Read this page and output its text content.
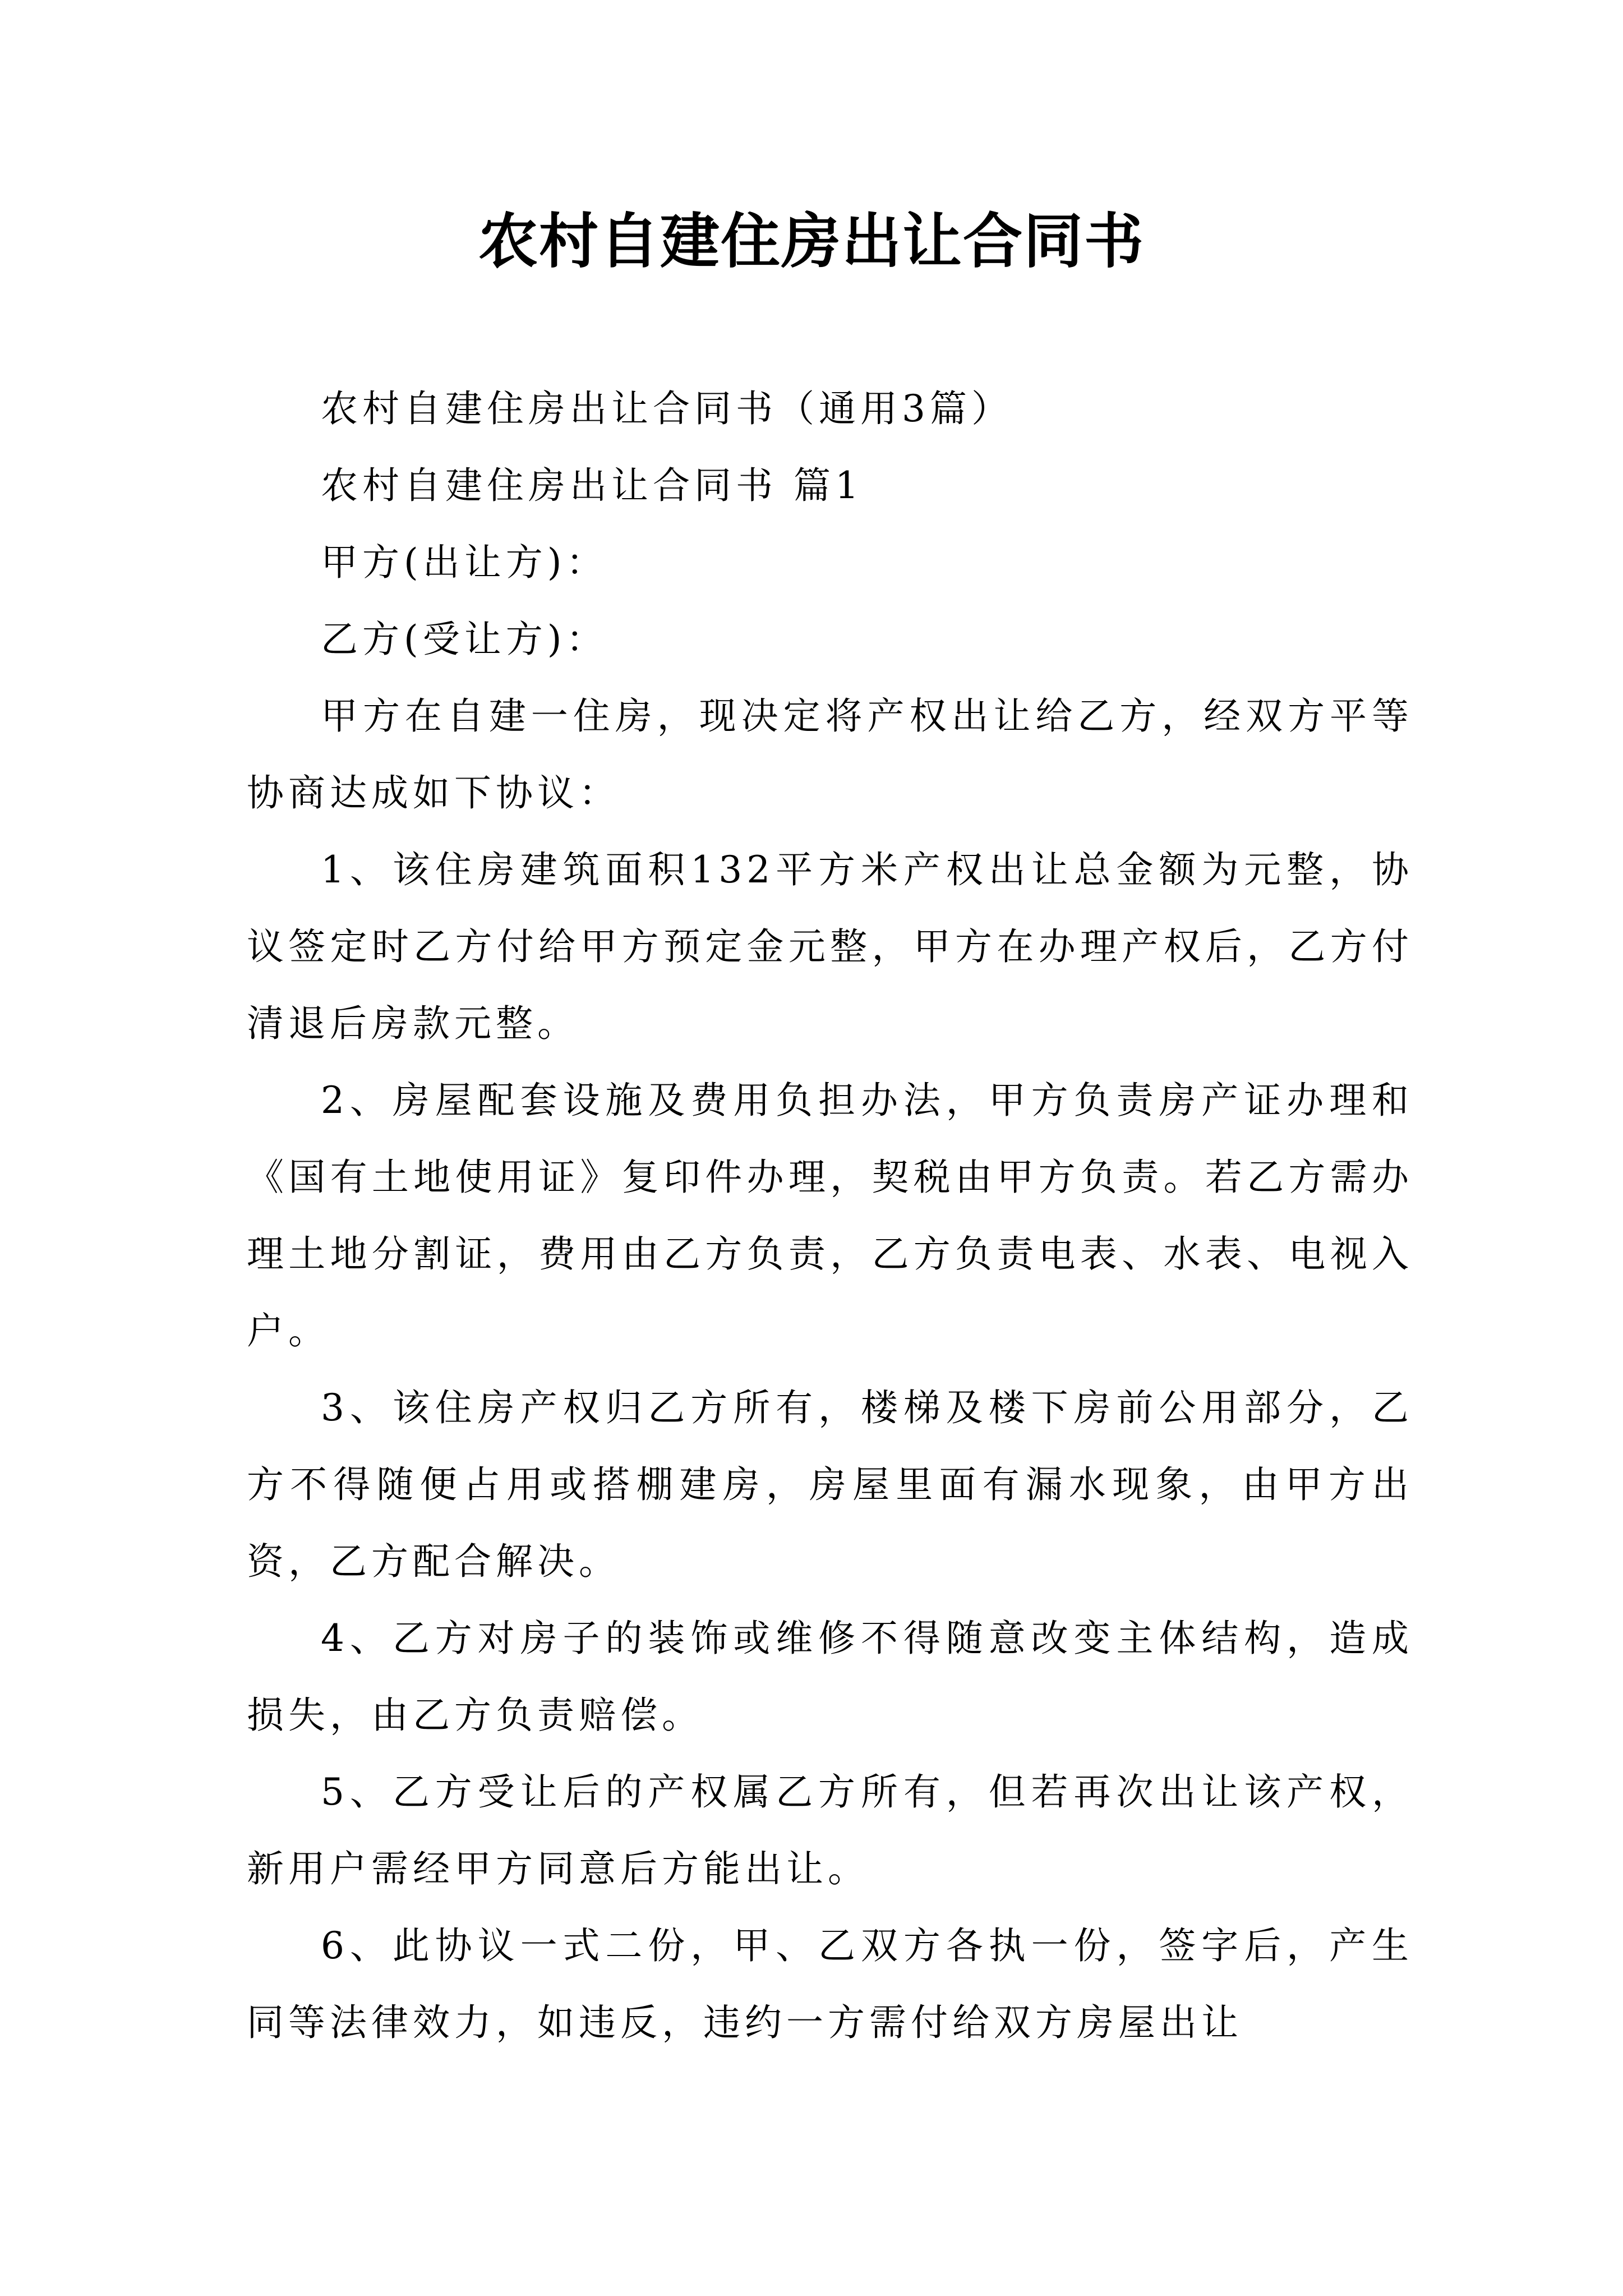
农村自建住房出让合同书

农村自建住房出让合同书（通用3篇）

农村自建住房出让合同书 篇1

甲方(出让方)：

乙方(受让方)：

甲方在自建一住房，现决定将产权出让给乙方，经双方平等协商达成如下协议：

1、该住房建筑面积132平方米产权出让总金额为元整，协议签定时乙方付给甲方预定金元整，甲方在办理产权后，乙方付清退后房款元整。

2、房屋配套设施及费用负担办法，甲方负责房产证办理和《国有土地使用证》复印件办理，契税由甲方负责。若乙方需办理土地分割证，费用由乙方负责，乙方负责电表、水表、电视入户。

3、该住房产权归乙方所有，楼梯及楼下房前公用部分，乙方不得随便占用或搭棚建房，房屋里面有漏水现象，由甲方出资，乙方配合解决。

4、乙方对房子的装饰或维修不得随意改变主体结构，造成损失，由乙方负责赔偿。

5、乙方受让后的产权属乙方所有，但若再次出让该产权，新用户需经甲方同意后方能出让。

6、此协议一式二份，甲、乙双方各执一份，签字后，产生同等法律效力，如违反，违约一方需付给双方房屋出让
